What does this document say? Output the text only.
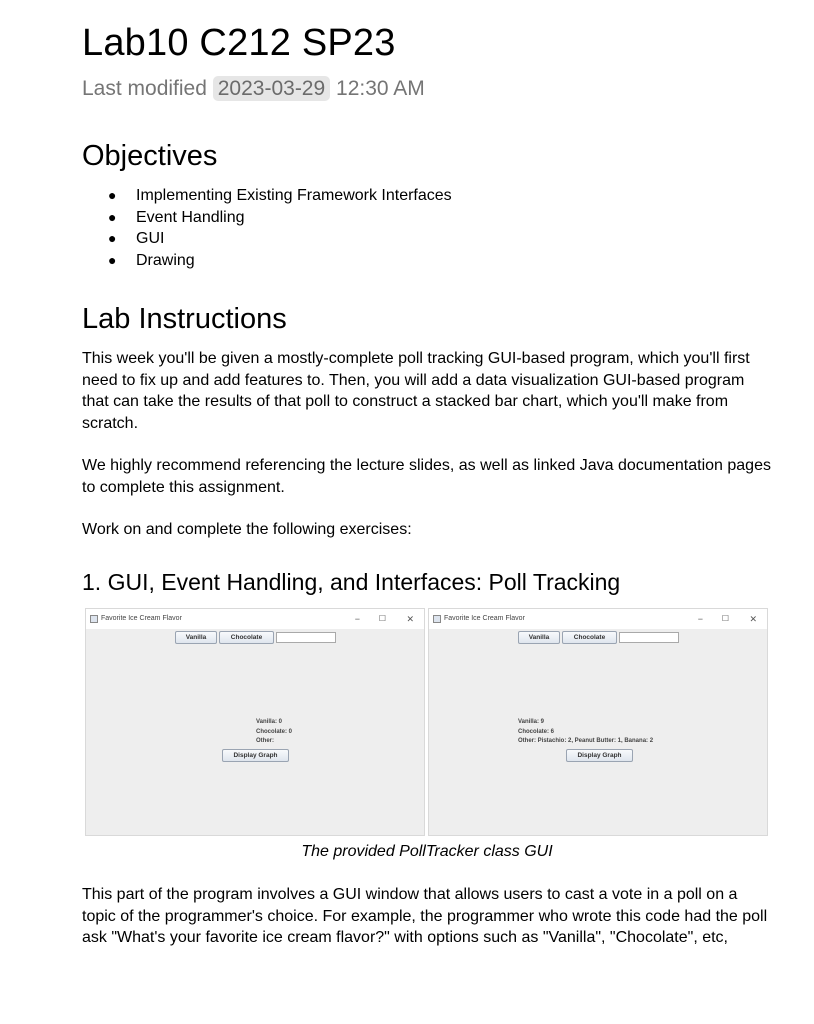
Lab10 C212 SP23
Last modified 2023-03-29 12:30 AM
Objectives
● Implementing Existing Framework Interfaces
● Event Handling
● GUI
● Drawing
Lab Instructions

This week you'll be given a mostly-complete poll tracking GUI-based program, which you'll first need to fix up and add features to. Then, you will add a data visualization GUI-based program that can take the results of that poll to construct a stacked bar chart, which you'll make from scratch.

We highly recommend referencing the lecture slides, as well as linked Java documentation pages to complete this assignment.

Work on and complete the following exercises:

1. GUI, Event Handling, and Interfaces: Poll Tracking
The provided PollTracker class GUI

This part of the program involves a GUI window that allows users to cast a vote in a poll on a topic of the programmer's choice. For example, the programmer who wrote this code had the poll ask "What's your favorite ice cream flavor?" with options such as "Vanilla", "Chocolate", etc,

Favorite Ice Cream Flavor	− ☐ ✕
Vanilla	Chocolate
Vanilla: 0
Chocolate: 0
Other:
Display Graph
Favorite Ice Cream Flavor	− ☐ ✕
Vanilla	Chocolate
Vanilla: 9
Chocolate: 6
Other: Pistachio: 2, Peanut Butter: 1, Banana: 2
Display Graph
